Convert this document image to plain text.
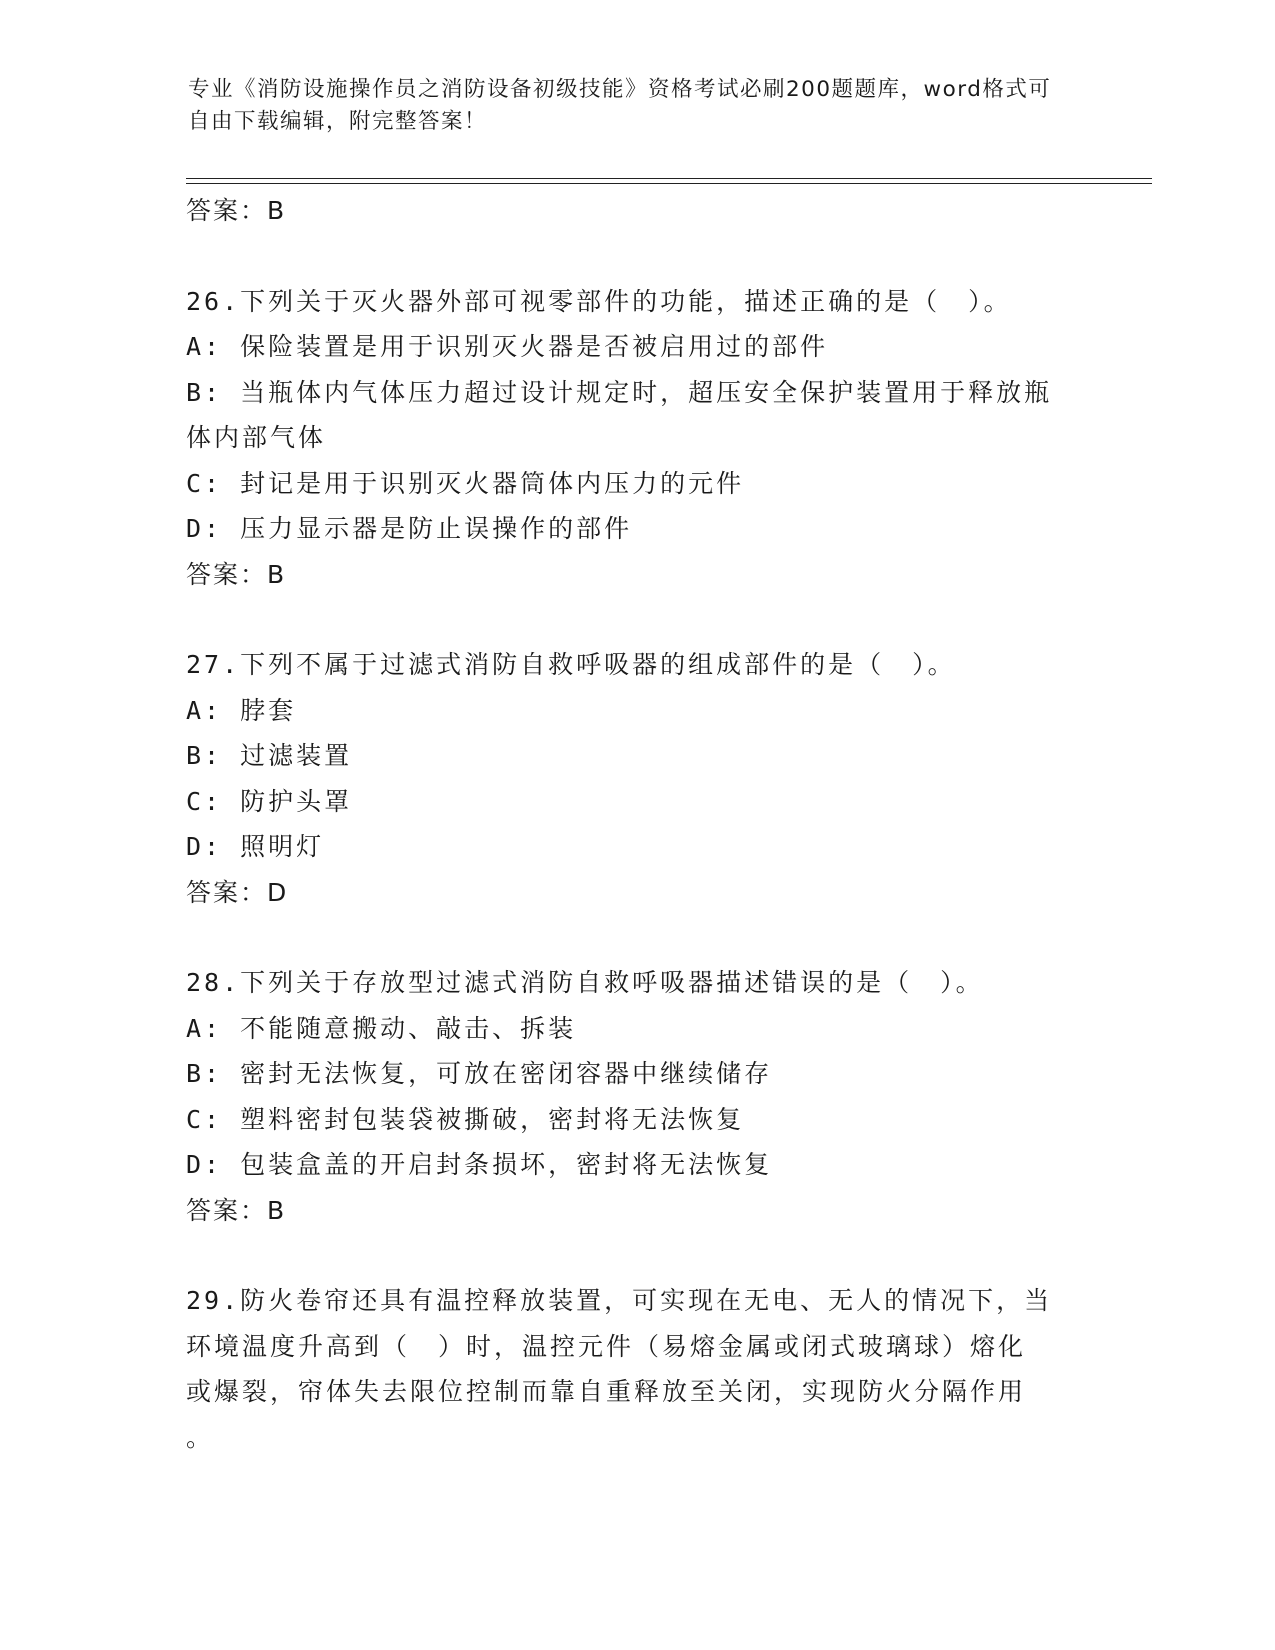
专业《消防设施操作员之消防设备初级技能》资格考试必刷200题题库，word格式可自由下载编辑，附完整答案！
答案：B
26.下列关于灭火器外部可视零部件的功能，描述正确的是（　）。
A: 保险装置是用于识别灭火器是否被启用过的部件
B: 当瓶体内气体压力超过设计规定时，超压安全保护装置用于释放瓶
体内部气体
C: 封记是用于识别灭火器筒体内压力的元件
D: 压力显示器是防止误操作的部件
答案：B
27.下列不属于过滤式消防自救呼吸器的组成部件的是（　）。
A: 脖套
B: 过滤装置
C: 防护头罩
D: 照明灯
答案：D
28.下列关于存放型过滤式消防自救呼吸器描述错误的是（　）。
A: 不能随意搬动、敲击、拆装
B: 密封无法恢复，可放在密闭容器中继续储存
C: 塑料密封包装袋被撕破，密封将无法恢复
D: 包装盒盖的开启封条损坏，密封将无法恢复
答案：B
29.防火卷帘还具有温控释放装置，可实现在无电、无人的情况下，当
环境温度升高到（　）时，温控元件（易熔金属或闭式玻璃球）熔化
或爆裂，帘体失去限位控制而靠自重释放至关闭，实现防火分隔作用
。
